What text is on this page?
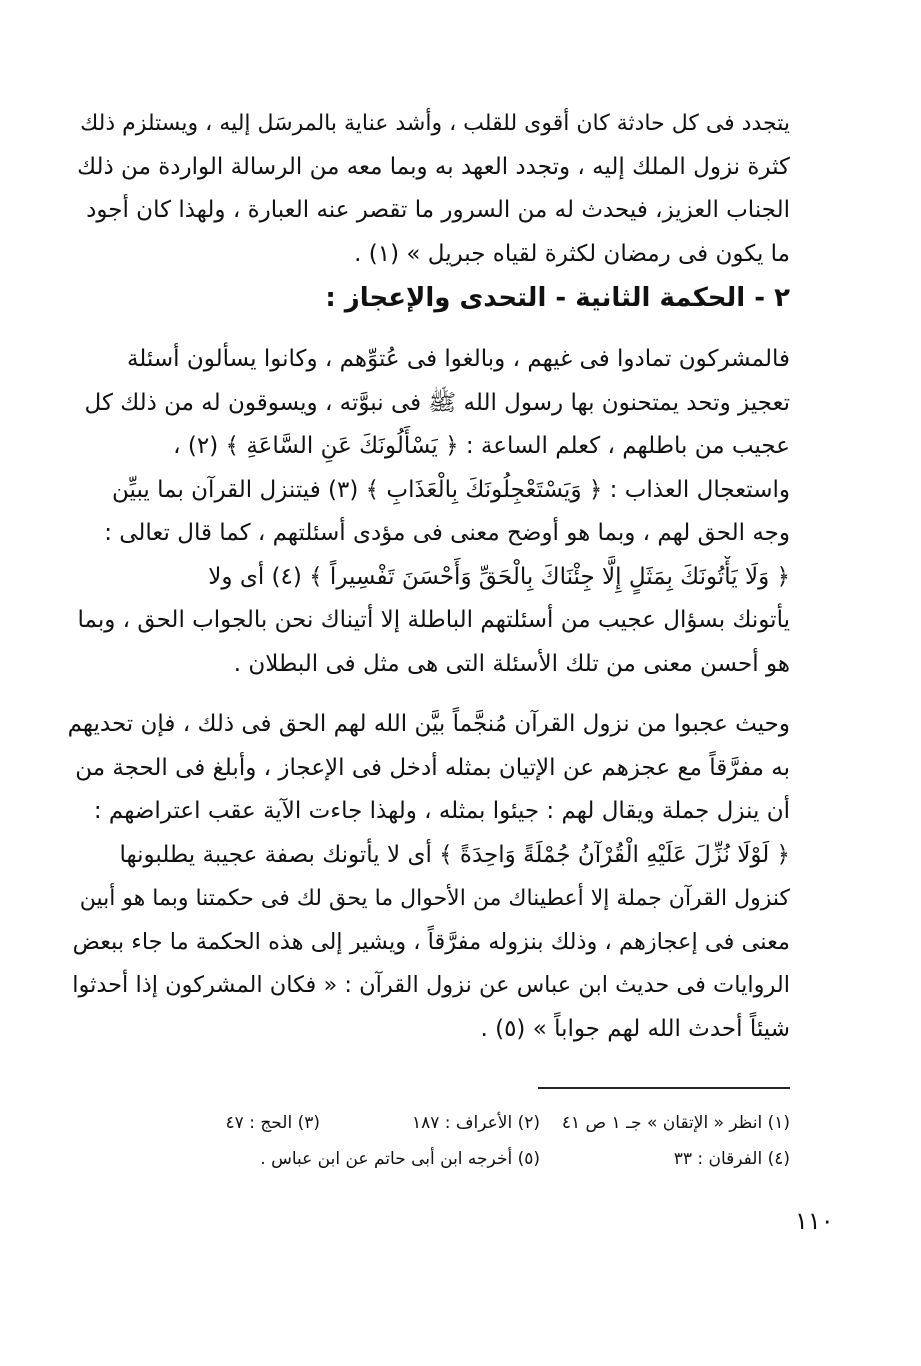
يتجدد فى كل حادثة كان أقوى للقلب ، وأشد عناية بالمرسَل إليه ، ويستلزم ذلك
كثرة نزول الملك إليه ، وتجدد العهد به وبما معه من الرسالة الواردة من ذلك
الجناب العزيز، فيحدث له من السرور ما تقصر عنه العبارة ، ولهذا كان أجود
ما يكون فى رمضان لكثرة لقياه جبريل » (١) .
٢ - الحكمة الثانية - التحدى والإعجاز :
فالمشركون تمادوا فى غيهم ، وبالغوا فى عُتوِّهم ، وكانوا يسألون أسئلة
تعجيز وتحد يمتحنون بها رسول الله ﷺ فى نبوَّته ، ويسوقون له من ذلك كل
عجيب من باطلهم ، كعلم الساعة : ﴿ يَسْأَلُونَكَ عَنِ السَّاعَةِ ﴾ (٢) ،
واستعجال العذاب : ﴿ وَيَسْتَعْجِلُونَكَ بِالْعَذَابِ ﴾ (٣) فيتنزل القرآن بما يبيِّن
وجه الحق لهم ، وبما هو أوضح معنى فى مؤدى أسئلتهم ، كما قال تعالى :
﴿ وَلَا يَأْتُونَكَ بِمَثَلٍ إِلَّا جِئْنَاكَ بِالْحَقِّ وَأَحْسَنَ تَفْسِيراً ﴾ (٤) أى ولا
يأتونك بسؤال عجيب من أسئلتهم الباطلة إلا أتيناك نحن بالجواب الحق ، وبما
هو أحسن معنى من تلك الأسئلة التى هى مثل فى البطلان .
وحيث عجبوا من نزول القرآن مُنجَّماً بيَّن الله لهم الحق فى ذلك ، فإن تحديهم
به مفرَّقاً مع عجزهم عن الإتيان بمثله أدخل فى الإعجاز ، وأبلغ فى الحجة من
أن ينزل جملة ويقال لهم : جيئوا بمثله ، ولهذا جاءت الآية عقب اعتراضهم :
﴿ لَوْلَا نُزِّلَ عَلَيْهِ الْقُرْآنُ جُمْلَةً وَاحِدَةً ﴾ أى لا يأتونك بصفة عجيبة يطلبونها
كنزول القرآن جملة إلا أعطيناك من الأحوال ما يحق لك فى حكمتنا وبما هو أبين
معنى فى إعجازهم ، وذلك بنزوله مفرَّقاً ، ويشير إلى هذه الحكمة ما جاء ببعض
الروايات فى حديث ابن عباس عن نزول القرآن : « فكان المشركون إذا أحدثوا
شيئاً أحدث الله لهم جواباً » (٥) .
(١) انظر « الإتقان » جـ ١ ص ٤١
(٢) الأعراف : ١٨٧
(٣) الحج : ٤٧
(٤) الفرقان : ٣٣
(٥) أخرجه ابن أبى حاتم عن ابن عباس .
١١٠
